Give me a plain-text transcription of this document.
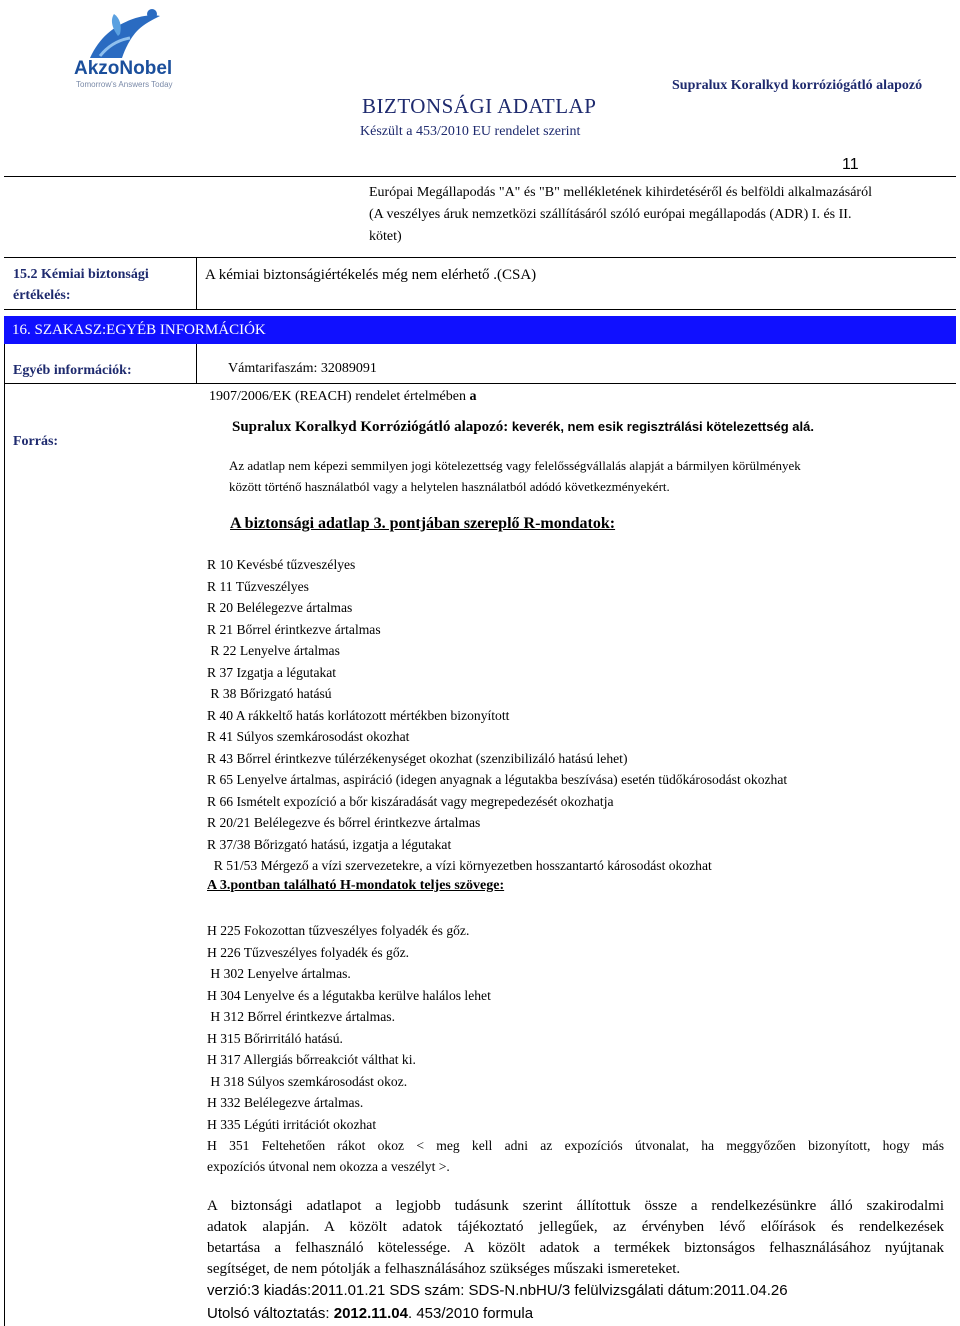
AkzoNobel
Tomorrow's Answers Today	Supralux Koralkyd korróziógátló alapozó
BIZTONSÁGI ADATLAP
Készült a 453/2010 EU rendelet szerint
11
Európai Megállapodás "A" és "B" mellékletének kihirdetéséről és belföldi alkalmazásáról
(A veszélyes áruk nemzetközi szállításáról szóló európai megállapodás (ADR) I. és II.
kötet)
15.2 Kémiai biztonsági
értékelés:
A kémiai biztonságiértékelés még nem elérhető .(CSA)
16. SZAKASZ:EGYÉB INFORMÁCIÓK
Egyéb információk:	Vámtarifaszám: 32089091
Forrás:
1907/2006/EK (REACH) rendelet értelmében a
Supralux Koralkyd Korróziógátló alapozó: keverék, nem esik regisztrálási kötelezettség alá.
Az adatlap nem képezi semmilyen jogi kötelezettség vagy felelősségvállalás alapját a bármilyen körülmények
között történő használatból vagy a helytelen használatból adódó következményekért.
A biztonsági adatlap 3. pontjában szereplő R-mondatok:
R 10 Kevésbé tűzveszélyes
R 11 Tűzveszélyes
R 20 Belélegezve ártalmas
R 21 Bőrrel érintkezve ártalmas
R 22 Lenyelve ártalmas
R 37 Izgatja a légutakat
R 38 Bőrizgató hatású
R 40 A rákkeltő hatás korlátozott mértékben bizonyított
R 41 Súlyos szemkárosodást okozhat
R 43 Bőrrel érintkezve túlérzékenységet okozhat (szenzibilizáló hatású lehet)
R 65 Lenyelve ártalmas, aspiráció (idegen anyagnak a légutakba beszívása) esetén tüdőkárosodást okozhat
R 66 Ismételt expozíció a bőr kiszáradását vagy megrepedezését okozhatja
R 20/21 Belélegezve és bőrrel érintkezve ártalmas
R 37/38 Bőrizgató hatású, izgatja a légutakat
R 51/53 Mérgező a vízi szervezetekre, a vízi környezetben hosszantartó károsodást okozhat
A 3.pontban található H-mondatok teljes szövege:
H 225 Fokozottan tűzveszélyes folyadék és gőz.
H 226 Tűzveszélyes folyadék és gőz.
H 302 Lenyelve ártalmas.
H 304 Lenyelve és a légutakba kerülve halálos lehet
H 312 Bőrrel érintkezve ártalmas.
H 315 Bőrirritáló hatású.
H 317 Allergiás bőrreakciót válthat ki.
H 318 Súlyos szemkárosodást okoz.
H 332 Belélegezve ártalmas.
H 335 Légúti irritációt okozhat
H 351 Feltehetően rákot okoz < meg kell adni az expozíciós útvonalat, ha meggyőzően bizonyított, hogy más
expozíciós útvonal nem okozza a veszélyt >.
A biztonsági adatlapot a legjobb tudásunk szerint állítottuk össze a rendelkezésünkre álló szakirodalmi
adatok alapján. A közölt adatok tájékoztató jellegűek, az érvényben lévő előírások és rendelkezések
betartása a felhasználó kötelessége. A közölt adatok a termékek biztonságos felhasználásához nyújtanak
segítséget, de nem pótolják a felhasználásához szükséges műszaki ismereteket.
verzió:3 kiadás:2011.01.21 SDS szám: SDS-N.nbHU/3 felülvizsgálati dátum:2011.04.26
Utolsó változtatás: 2012.11.04. 453/2010 formula
